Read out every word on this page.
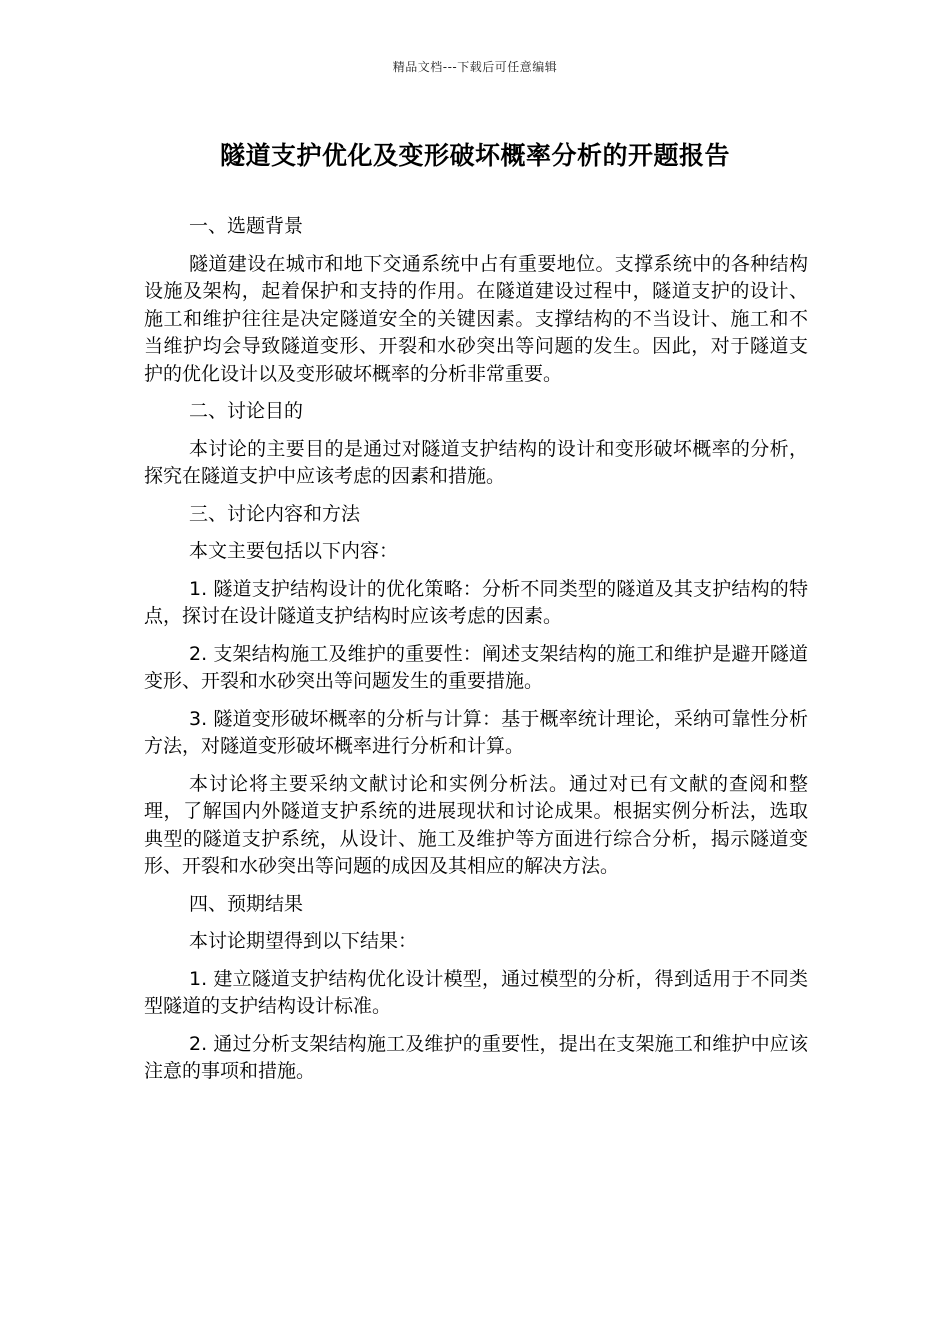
精品文档---下载后可任意编辑
隧道支护优化及变形破坏概率分析的开题报告
一、选题背景
隧道建设在城市和地下交通系统中占有重要地位。支撑系统中的各种结构设施及架构，起着保护和支持的作用。在隧道建设过程中，隧道支护的设计、施工和维护往往是决定隧道安全的关键因素。支撑结构的不当设计、施工和不当维护均会导致隧道变形、开裂和水砂突出等问题的发生。因此，对于隧道支护的优化设计以及变形破坏概率的分析非常重要。
二、讨论目的
本讨论的主要目的是通过对隧道支护结构的设计和变形破坏概率的分析，探究在隧道支护中应该考虑的因素和措施。
三、讨论内容和方法
本文主要包括以下内容：
1. 隧道支护结构设计的优化策略：分析不同类型的隧道及其支护结构的特点，探讨在设计隧道支护结构时应该考虑的因素。
2. 支架结构施工及维护的重要性：阐述支架结构的施工和维护是避开隧道变形、开裂和水砂突出等问题发生的重要措施。
3. 隧道变形破坏概率的分析与计算：基于概率统计理论，采纳可靠性分析方法，对隧道变形破坏概率进行分析和计算。
本讨论将主要采纳文献讨论和实例分析法。通过对已有文献的查阅和整理，了解国内外隧道支护系统的进展现状和讨论成果。根据实例分析法，选取典型的隧道支护系统，从设计、施工及维护等方面进行综合分析，揭示隧道变形、开裂和水砂突出等问题的成因及其相应的解决方法。
四、预期结果
本讨论期望得到以下结果：
1. 建立隧道支护结构优化设计模型，通过模型的分析，得到适用于不同类型隧道的支护结构设计标准。
2. 通过分析支架结构施工及维护的重要性，提出在支架施工和维护中应该注意的事项和措施。
